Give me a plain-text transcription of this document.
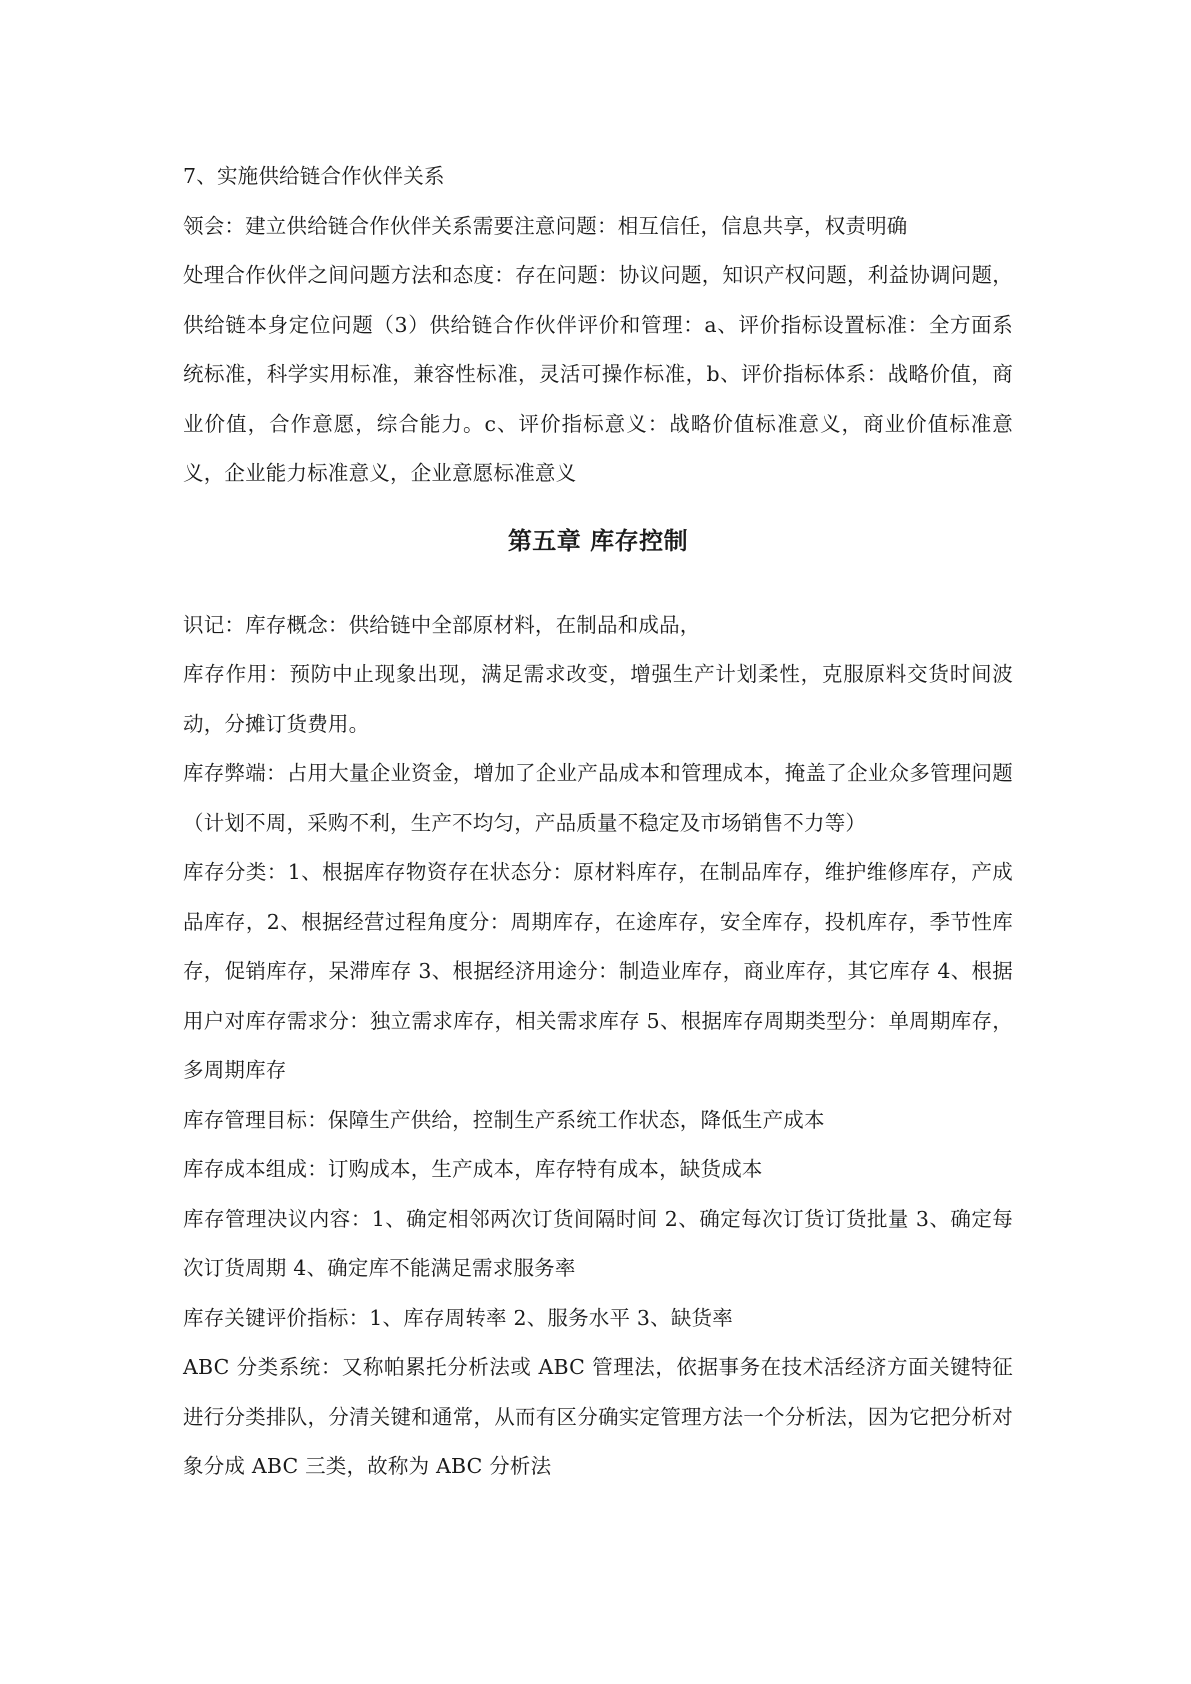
7、实施供给链合作伙伴关系

领会：建立供给链合作伙伴关系需要注意问题：相互信任，信息共享，权责明确

处理合作伙伴之间问题方法和态度：存在问题：协议问题，知识产权问题，利益协调问题，供给链本身定位问题（3）供给链合作伙伴评价和管理：a、评价指标设置标准：全方面系统标准，科学实用标准，兼容性标准，灵活可操作标准，b、评价指标体系：战略价值，商业价值，合作意愿，综合能力。c、评价指标意义：战略价值标准意义，商业价值标准意义，企业能力标准意义，企业意愿标准意义

第五章 库存控制

识记：库存概念：供给链中全部原材料，在制品和成品，

库存作用：预防中止现象出现，满足需求改变，增强生产计划柔性，克服原料交货时间波动，分摊订货费用。

库存弊端：占用大量企业资金，增加了企业产品成本和管理成本，掩盖了企业众多管理问题（计划不周，采购不利，生产不均匀，产品质量不稳定及市场销售不力等）

库存分类：1、根据库存物资存在状态分：原材料库存，在制品库存，维护维修库存，产成品库存，2、根据经营过程角度分：周期库存，在途库存，安全库存，投机库存，季节性库存，促销库存，呆滞库存 3、根据经济用途分：制造业库存，商业库存，其它库存 4、根据用户对库存需求分：独立需求库存，相关需求库存 5、根据库存周期类型分：单周期库存，多周期库存

库存管理目标：保障生产供给，控制生产系统工作状态，降低生产成本

库存成本组成：订购成本，生产成本，库存特有成本，缺货成本

库存管理决议内容：1、确定相邻两次订货间隔时间 2、确定每次订货订货批量 3、确定每次订货周期 4、确定库不能满足需求服务率

库存关键评价指标：1、库存周转率 2、服务水平 3、缺货率

ABC 分类系统：又称帕累托分析法或 ABC 管理法，依据事务在技术活经济方面关键特征进行分类排队，分清关键和通常，从而有区分确实定管理方法一个分析法，因为它把分析对象分成 ABC 三类，故称为 ABC 分析法
